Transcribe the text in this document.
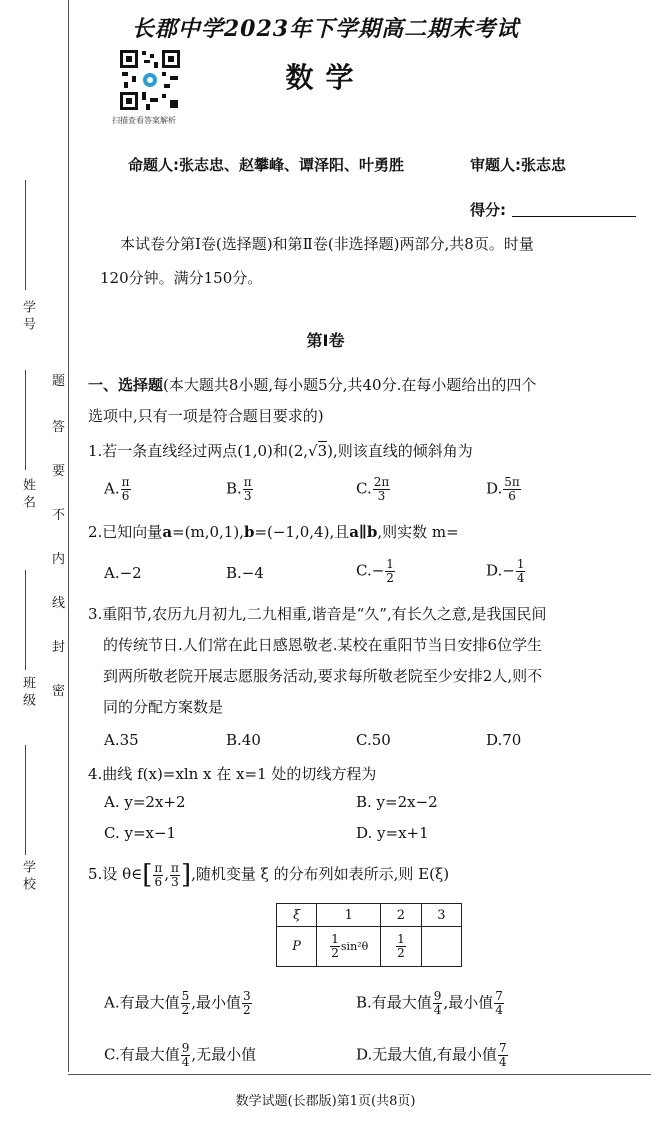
学 号
姓 名
班 级
学 校
题
答
要
不
内
线
封
密
长郡中学2023年下学期高二期末考试
扫描查看答案解析
数学
命题人:张志忠、赵攀峰、谭泽阳、叶勇胜	审题人:张志忠
得分:
本试卷分第Ⅰ卷(选择题)和第Ⅱ卷(非选择题)两部分,共8页。时量
120分钟。满分150分。
第Ⅰ卷
一、选择题(本大题共8小题,每小题5分,共40分.在每小题给出的四个
选项中,只有一项是符合题目要求的)
1.若一条直线经过两点(1,0)和(2,√3),则该直线的倾斜角为
A. $\frac{\pi}{6}$	B. $\frac{\pi}{3}$	C. $\frac{2\pi}{3}$	D. $\frac{5\pi}{6}$
2.已知向量a=(m,0,1),b=(−1,0,4),且a∥b,则实数 m=
A.−2	B.−4	$C.- \frac{1}{2}$	$D.- \frac{1}{4}$
3.重阳节,农历九月初九,二九相重,谐音是“久”,有长久之意,是我国民间
的传统节日.人们常在此日感恩敬老.某校在重阳节当日安排6位学生
到两所敬老院开展志愿服务活动,要求每所敬老院至少安排2人,则不
同的分配方案数是
A.35	B.40	C.50	D.70
4.曲线 f(x)=xln x 在 x=1 处的切线方程为
A. y=2x+2	B. y=2x−2
C. y=x−1	D. y=x+1
5.设 θ∈[ $\frac{\pi}{6}$ , $\frac{\pi}{3}$ ],随机变量 ξ 的分布列如表所示,则 E(ξ)
ξ	1	2	3
P	$\frac{1}{2} \sin^2\theta$	$\frac{1}{2}$

A.有最大值 $\frac{5}{2}$ ,最小值 $\frac{3}{2}$	B.有最大值 $\frac{9}{4}$ ,最小值 $\frac{7}{4}$
C.有最大值 $\frac{9}{4}$ ,无最小值	D.无最大值,有最小值 $\frac{7}{4}$
数学试题(长郡版)第1页(共8页)
